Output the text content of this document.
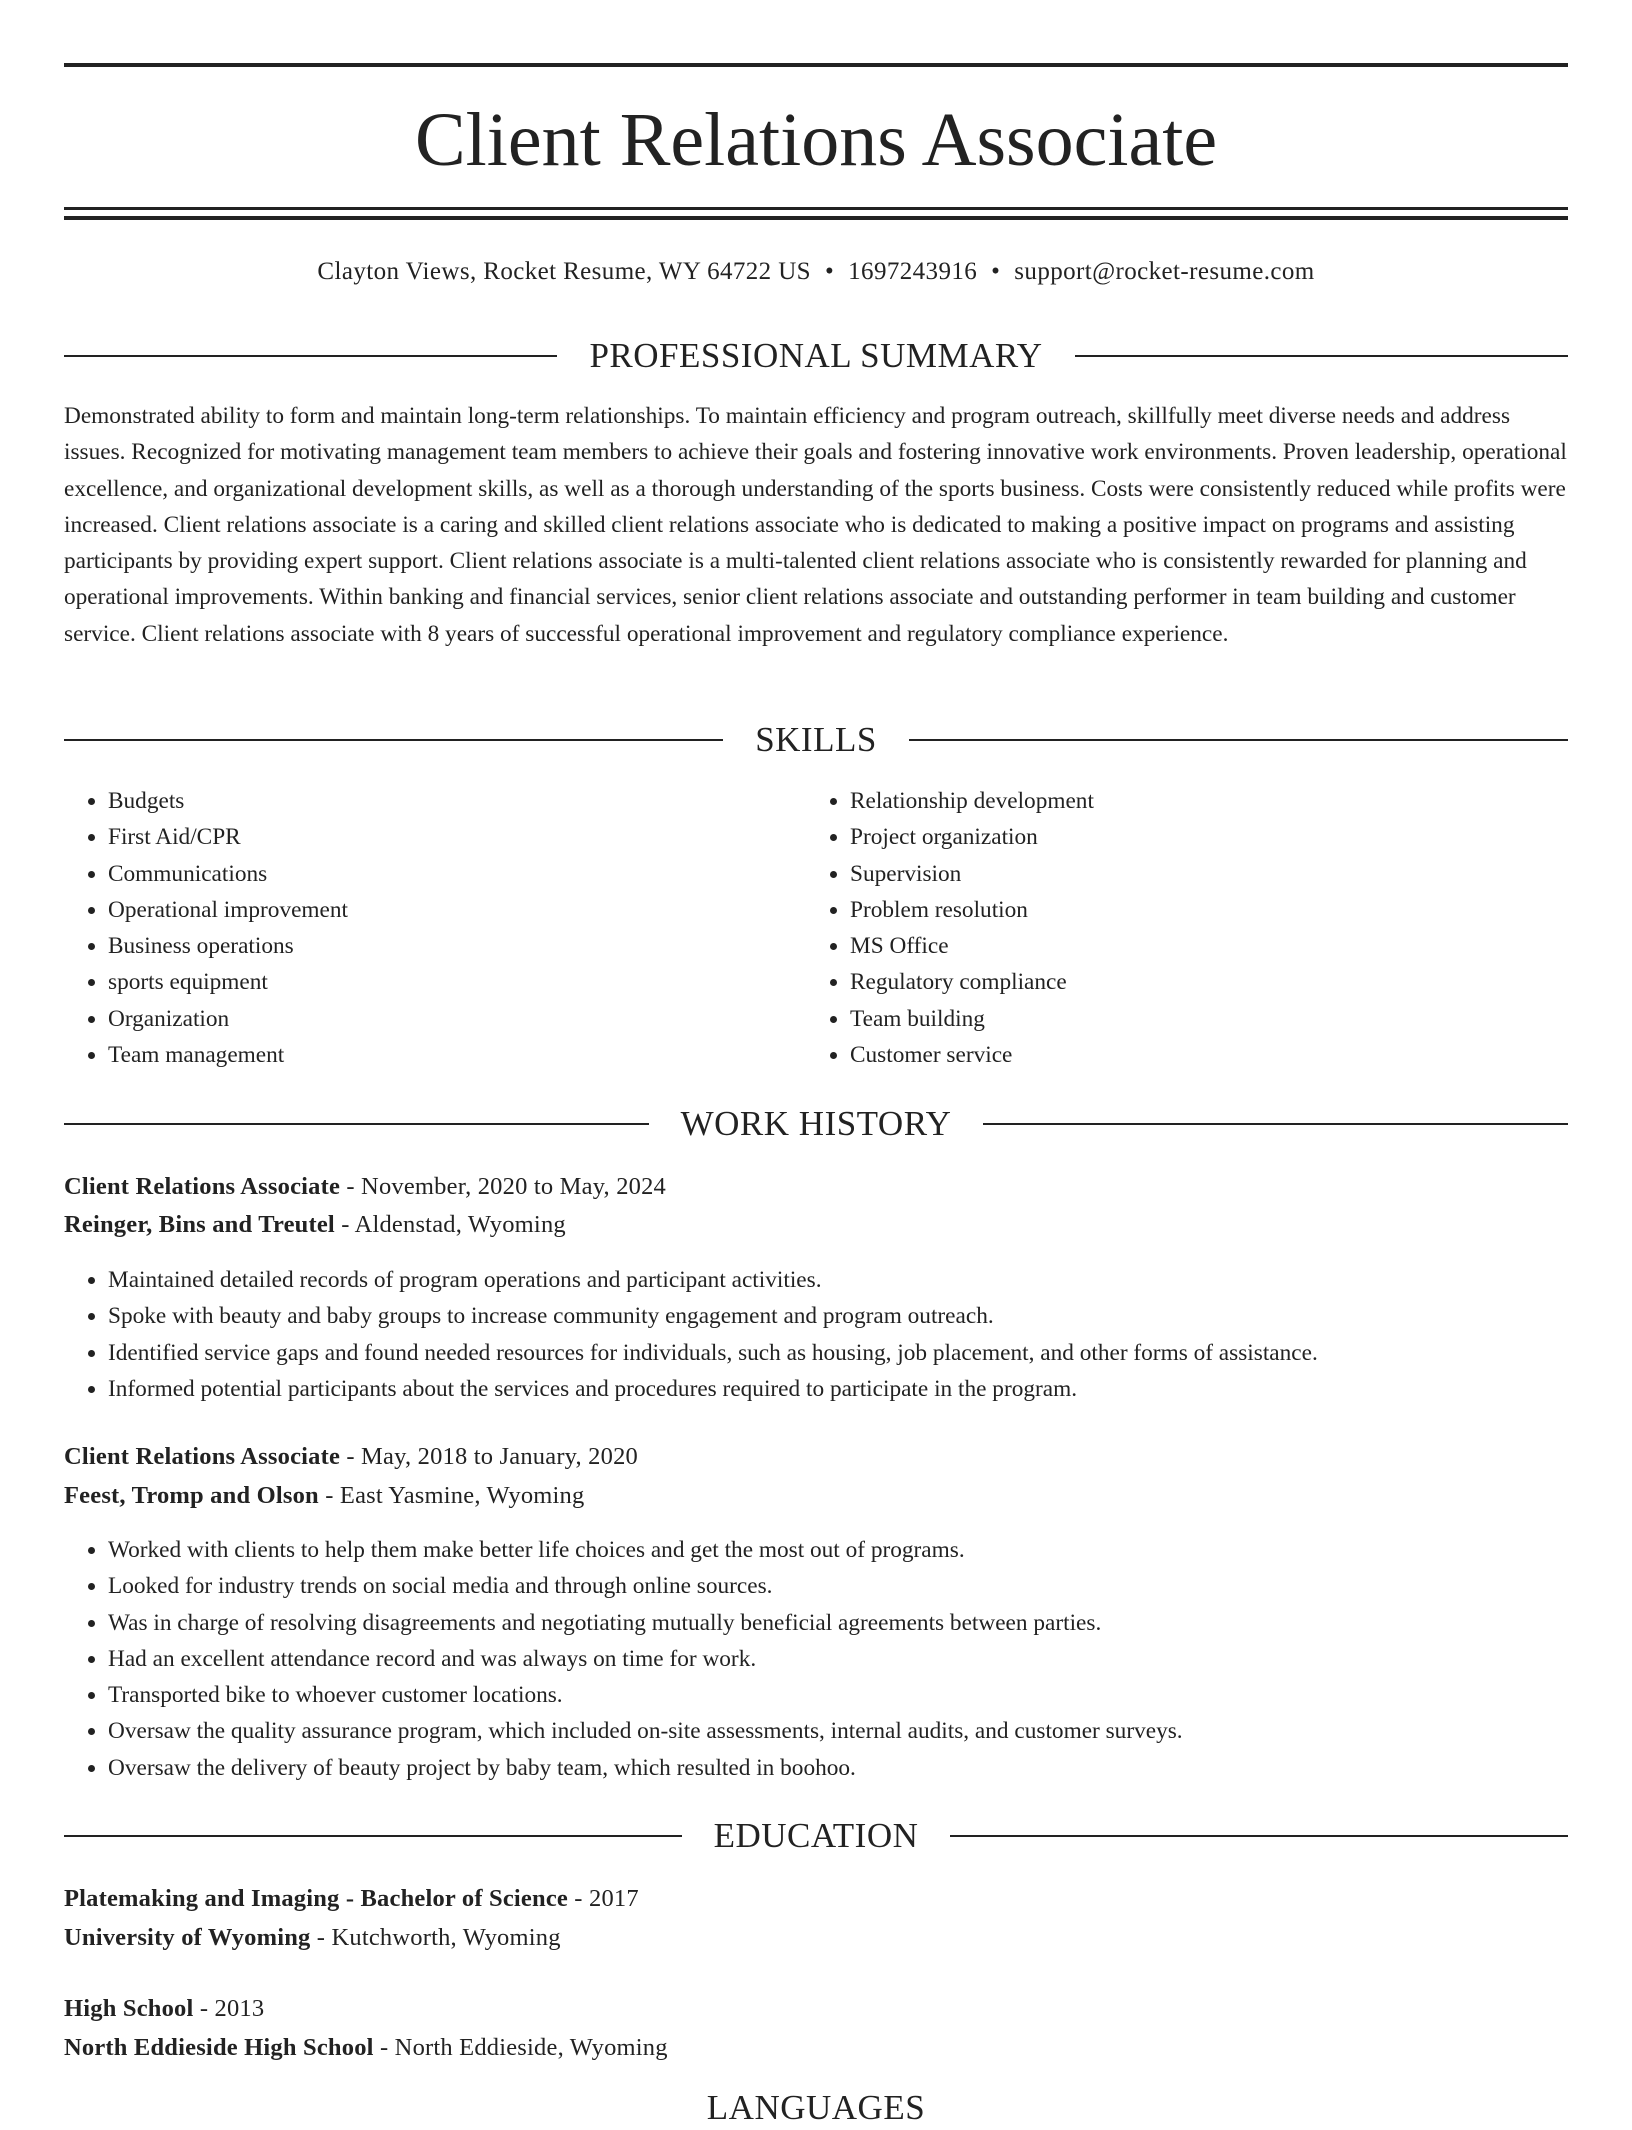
Client Relations Associate
Clayton Views, Rocket Resume, WY 64722 US • 1697243916 • support@rocket-resume.com
PROFESSIONAL SUMMARY

Demonstrated ability to form and maintain long-term relationships. To maintain efficiency and program outreach, skillfully meet diverse needs and address issues. Recognized for motivating management team members to achieve their goals and fostering innovative work environments. Proven leadership, operational excellence, and organizational development skills, as well as a thorough understanding of the sports business. Costs were consistently reduced while profits were increased. Client relations associate is a caring and skilled client relations associate who is dedicated to making a positive impact on programs and assisting participants by providing expert support. Client relations associate is a multi-talented client relations associate who is consistently rewarded for planning and operational improvements. Within banking and financial services, senior client relations associate and outstanding performer in team building and customer service. Client relations associate with 8 years of successful operational improvement and regulatory compliance experience.

SKILLS
• Budgets
• First Aid/CPR
• Communications
• Operational improvement
• Business operations
• sports equipment
• Organization
• Team management
• Relationship development
• Project organization
• Supervision
• Problem resolution
• MS Office
• Regulatory compliance
• Team building
• Customer service
WORK HISTORY
Client Relations Associate - November, 2020 to May, 2024
Reinger, Bins and Treutel - Aldenstad, Wyoming
• Maintained detailed records of program operations and participant activities.
• Spoke with beauty and baby groups to increase community engagement and program outreach.
• Identified service gaps and found needed resources for individuals, such as housing, job placement, and other forms of assistance.
• Informed potential participants about the services and procedures required to participate in the program.
Client Relations Associate - May, 2018 to January, 2020
Feest, Tromp and Olson - East Yasmine, Wyoming
• Worked with clients to help them make better life choices and get the most out of programs.
• Looked for industry trends on social media and through online sources.
• Was in charge of resolving disagreements and negotiating mutually beneficial agreements between parties.
• Had an excellent attendance record and was always on time for work.
• Transported bike to whoever customer locations.
• Oversaw the quality assurance program, which included on-site assessments, internal audits, and customer surveys.
• Oversaw the delivery of beauty project by baby team, which resulted in boohoo.
EDUCATION
Platemaking and Imaging - Bachelor of Science - 2017
University of Wyoming - Kutchworth, Wyoming
High School - 2013
North Eddieside High School - North Eddieside, Wyoming
LANGUAGES
